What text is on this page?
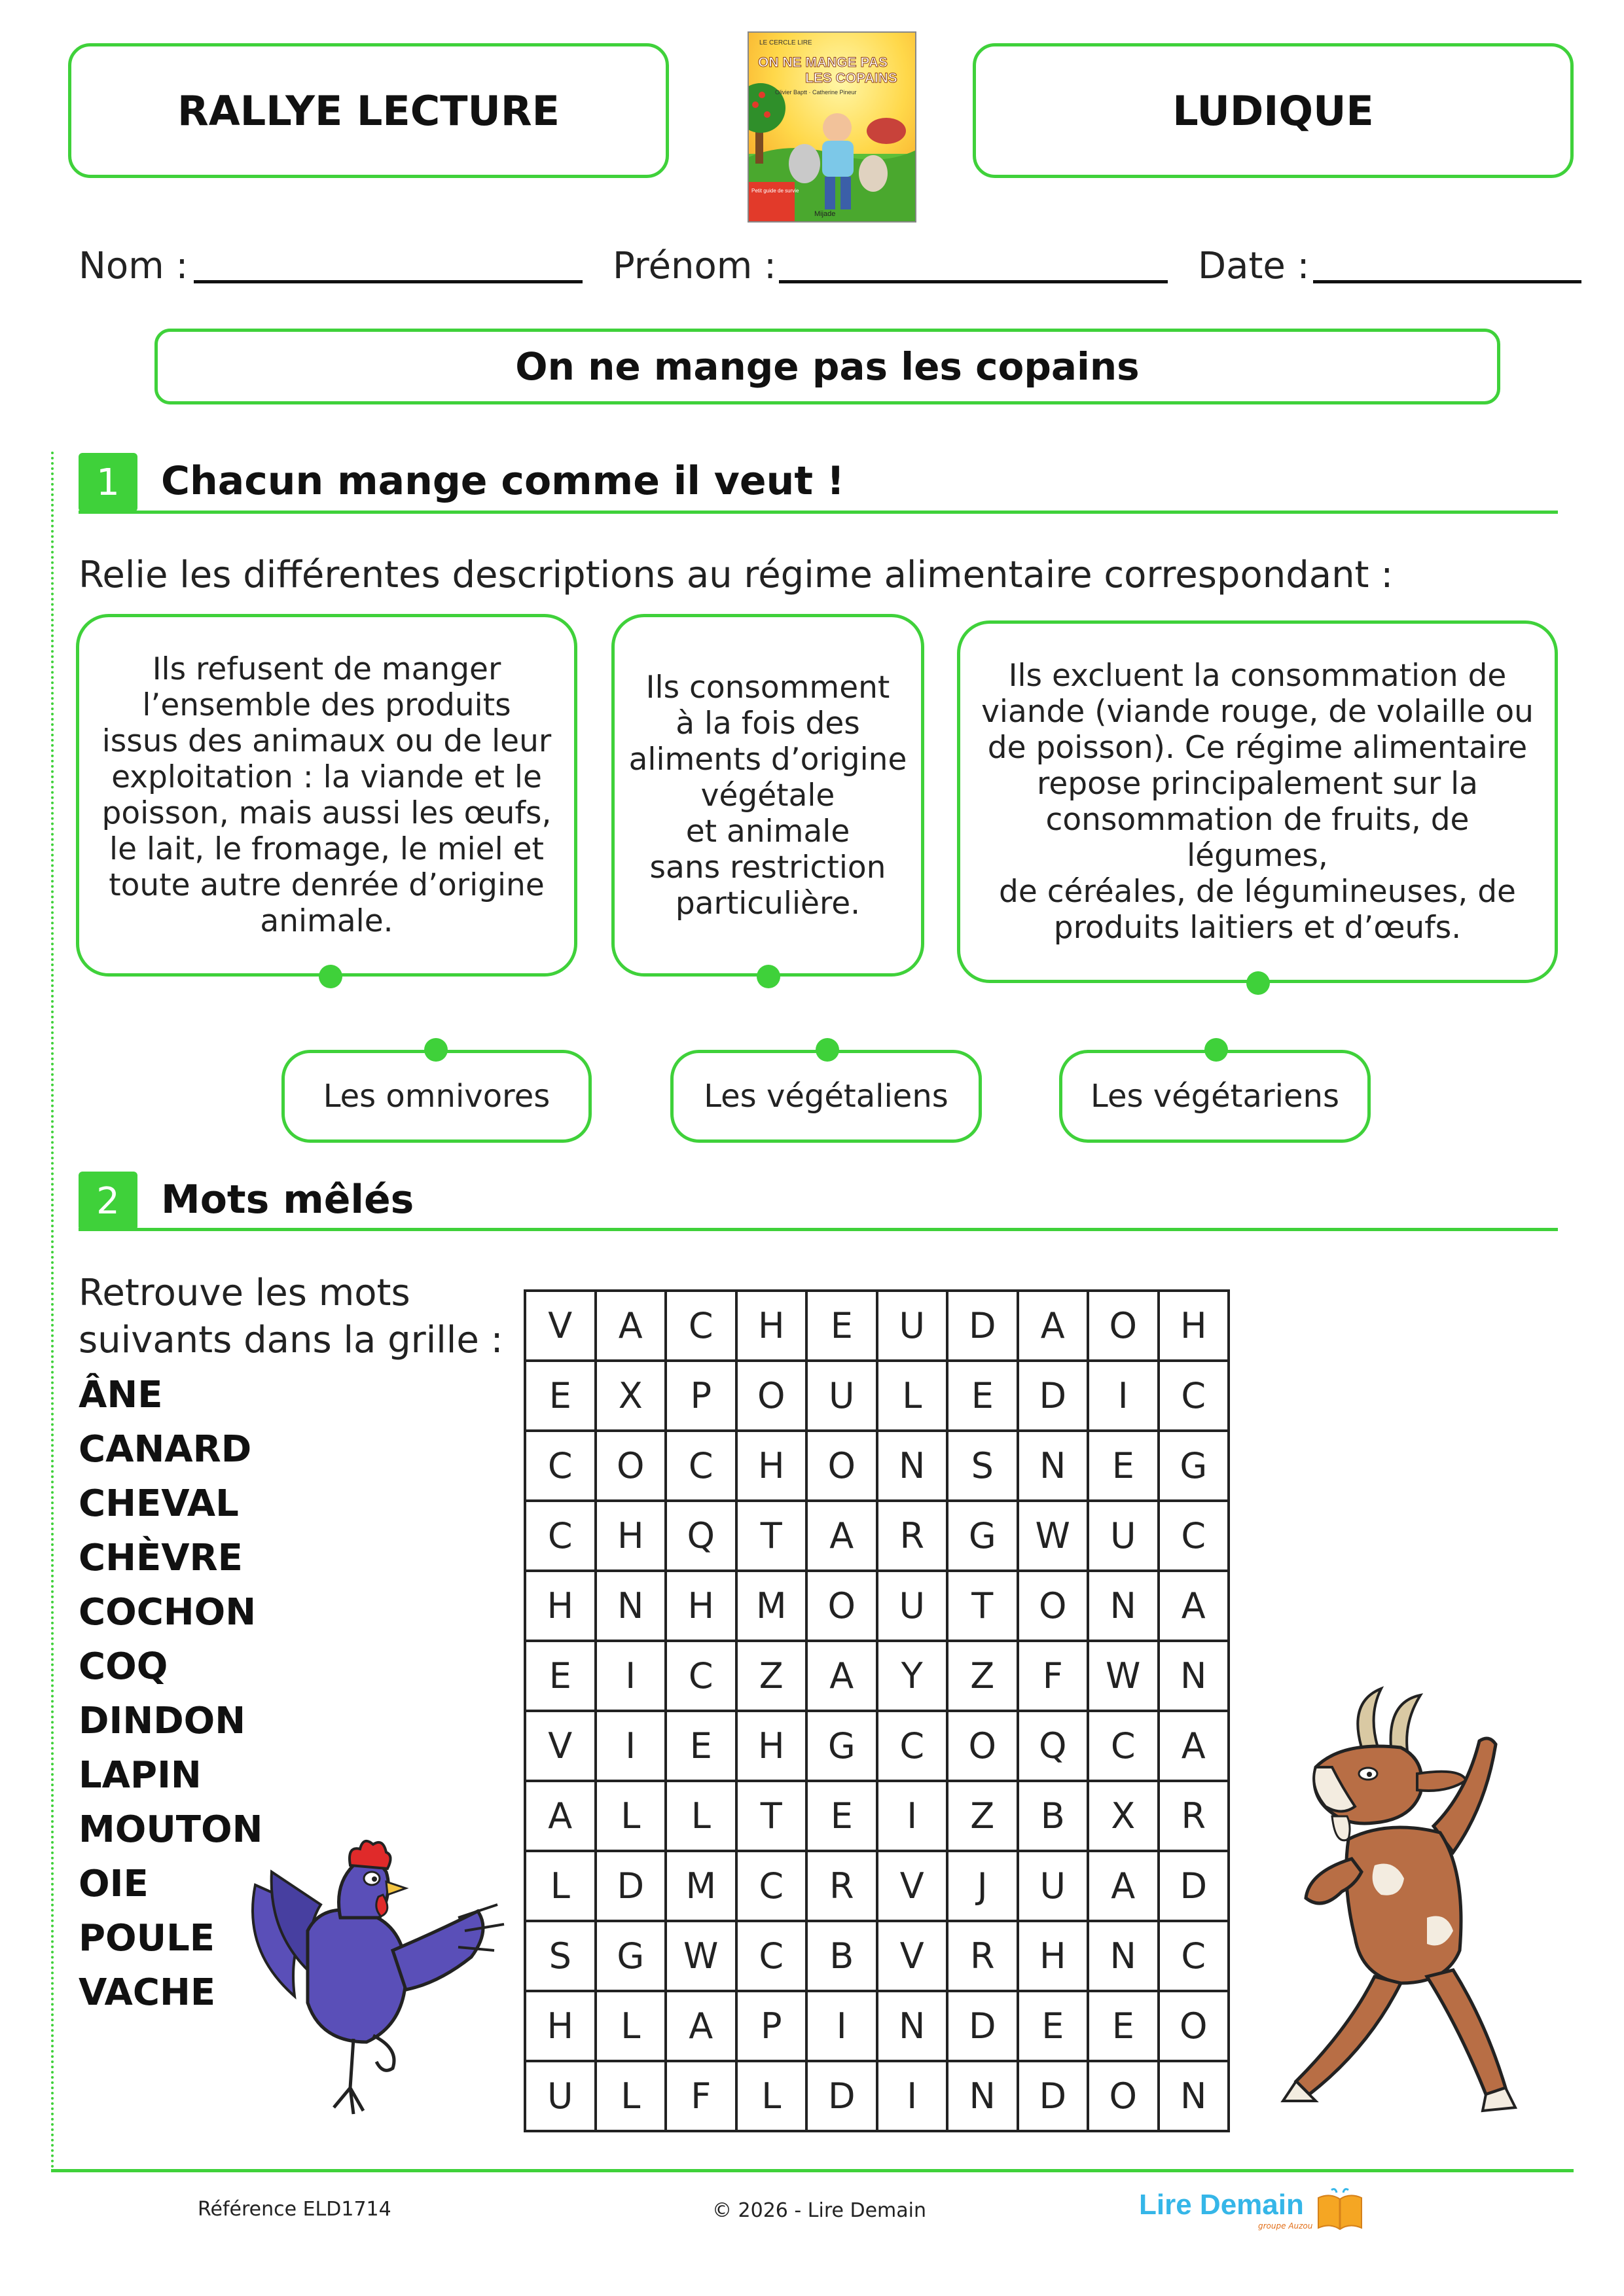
RALLYE LECTURE	LUDIQUE
LE CERCLE LIRE
ON NE MANGE PAS
LES COPAINS
Olivier Baptt · Catherine Pineur
Petit guide de survie
Mijade
Nom :	Prénom :	Date :
On ne mange pas les copains
1	Chacun mange comme il veut !
Relie les différentes descriptions au régime alimentaire correspondant :
Ils refusent de manger
l’ensemble des produits
issus des animaux ou de leur
exploitation : la viande et le
poisson, mais aussi les œufs,
le lait, le fromage, le miel et
toute autre denrée d’origine
animale.
Ils consomment
à la fois des
aliments d’origine
végétale
et animale
sans restriction
particulière.
Ils excluent la consommation de
viande (viande rouge, de volaille ou
de poisson). Ce régime alimentaire
repose principalement sur la
consommation de fruits, de légumes,
de céréales, de légumineuses, de
produits laitiers et d’œufs.
Les omnivores	Les végétaliens	Les végétariens
2	Mots mêlés
Retrouve les mots
suivants dans la grille :
ÂNE
CANARD
CHEVAL
CHÈVRE
COCHON
COQ
DINDON
LAPIN
MOUTON
OIE
POULE
VACHE
V	A	C	H	E	U	D	A	O	H
E	X	P	O	U	L	E	D	I	C
C	O	C	H	O	N	S	N	E	G
C	H	Q	T	A	R	G	W	U	C
H	N	H	M	O	U	T	O	N	A
E	I	C	Z	A	Y	Z	F	W	N
V	I	E	H	G	C	O	Q	C	A
A	L	L	T	E	I	Z	B	X	R
L	D	M	C	R	V	J	U	A	D
S	G	W	C	B	V	R	H	N	C
H	L	A	P	I	N	D	E	E	O
U	L	F	L	D	I	N	D	O	N
Référence ELD1714	© 2026 - Lire Demain	Lire Demain
groupe Auzou
